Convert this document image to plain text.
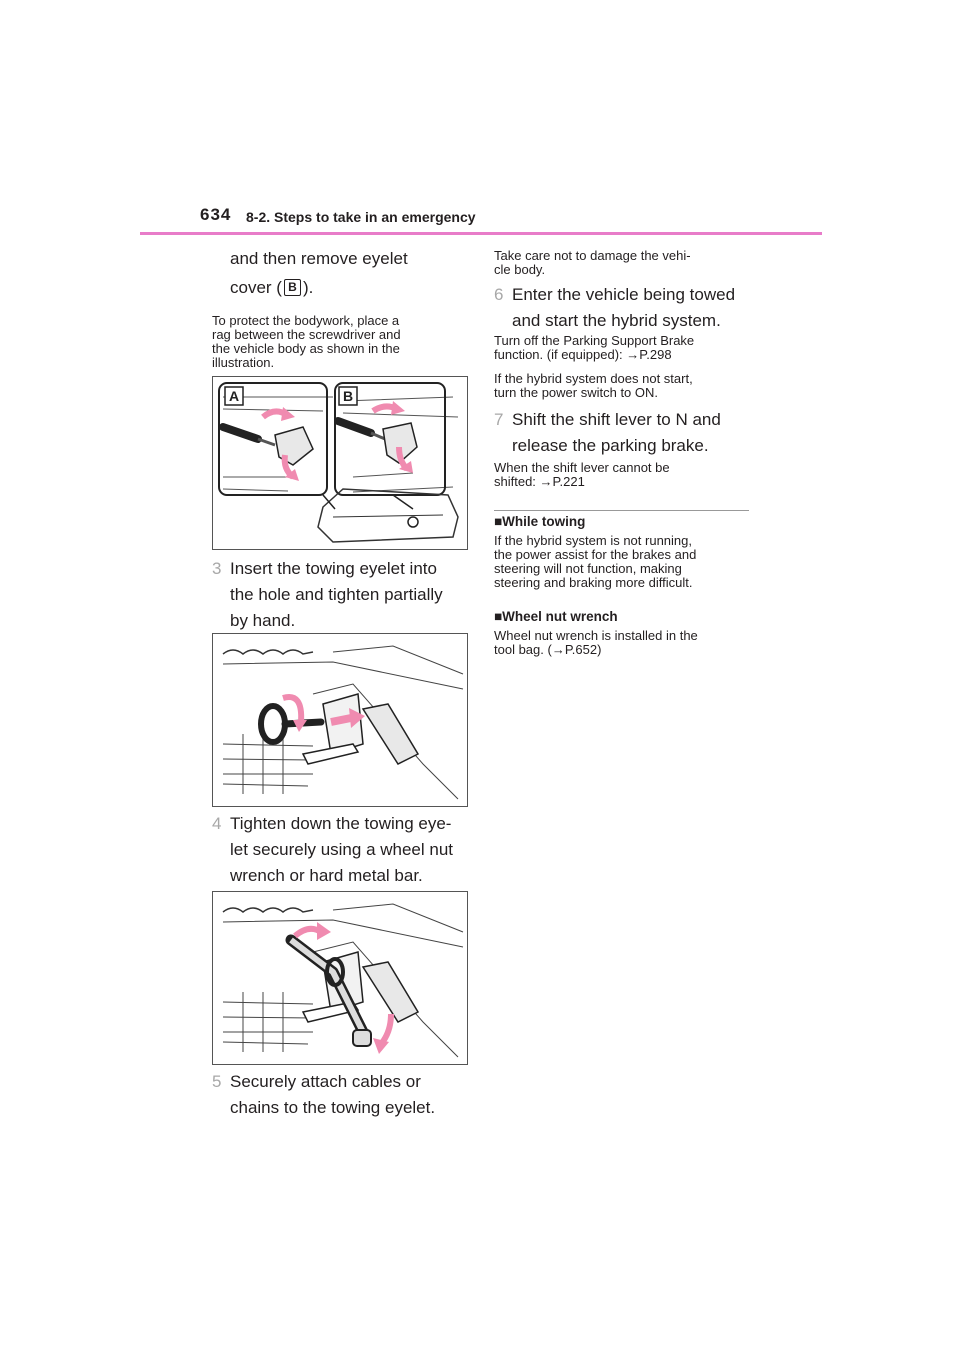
634 8-2. Steps to take in an emergency
and then remove eyelet
cover ( B ).
To protect the bodywork, place a
rag between the screwdriver and
the vehicle body as shown in the
illustration.
A	B
3 Insert the towing eyelet into
the hole and tighten partially
by hand.
4 Tighten down the towing eye-
let securely using a wheel nut
wrench or hard metal bar.
5 Securely attach cables or
chains to the towing eyelet.
Take care not to damage the vehi-
cle body.
6 Enter the vehicle being towed
and start the hybrid system.
Turn off the Parking Support Brake
function. (if equipped): →P.298
If the hybrid system does not start,
turn the power switch to ON.
7 Shift the shift lever to N and
release the parking brake.
When the shift lever cannot be
shifted: →P.221
■While towing
If the hybrid system is not running,
the power assist for the brakes and
steering will not function, making
steering and braking more difficult.
■Wheel nut wrench
Wheel nut wrench is installed in the
tool bag. (→P.652)
